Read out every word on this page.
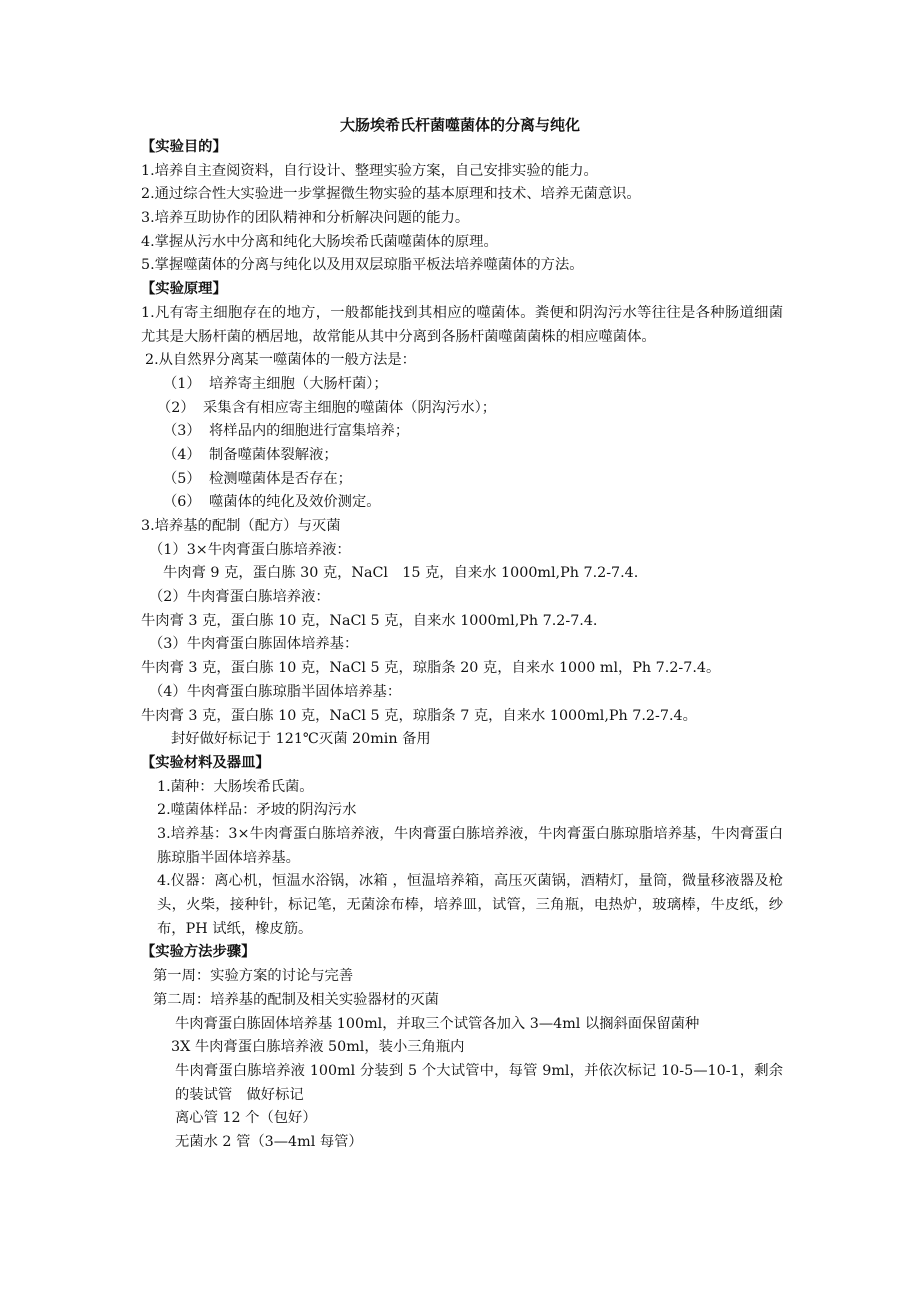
大肠埃希氏杆菌噬菌体的分离与纯化
【实验目的】
1.培养自主查阅资料，自行设计、整理实验方案，自己安排实验的能力。
2.通过综合性大实验进一步掌握微生物实验的基本原理和技术、培养无菌意识。
3.培养互助协作的团队精神和分析解决问题的能力。
4.掌握从污水中分离和纯化大肠埃希氏菌噬菌体的原理。
5.掌握噬菌体的分离与纯化以及用双层琼脂平板法培养噬菌体的方法。
【实验原理】
1.凡有寄主细胞存在的地方，一般都能找到其相应的噬菌体。粪便和阴沟污水等往往是各种肠道细菌尤其是大肠杆菌的栖居地，故常能从其中分离到各肠杆菌噬菌菌株的相应噬菌体。
2.从自然界分离某一噬菌体的一般方法是：
（1） 培养寄主细胞（大肠杆菌）；
（2） 采集含有相应寄主细胞的噬菌体（阴沟污水）；
（3） 将样品内的细胞进行富集培养；
（4） 制备噬菌体裂解液；
（5） 检测噬菌体是否存在；
（6） 噬菌体的纯化及效价测定。
3.培养基的配制（配方）与灭菌
（1）3×牛肉膏蛋白胨培养液：
牛肉膏 9 克，蛋白胨 30 克，NaCl　15 克，自来水 1000ml,Ph 7.2-7.4.
（2）牛肉膏蛋白胨培养液：
牛肉膏 3 克，蛋白胨 10 克，NaCl 5 克，自来水 1000ml,Ph 7.2-7.4.
（3）牛肉膏蛋白胨固体培养基：
牛肉膏 3 克，蛋白胨 10 克，NaCl 5 克，琼脂条 20 克，自来水 1000 ml，Ph 7.2-7.4。
（4）牛肉膏蛋白胨琼脂半固体培养基：
牛肉膏 3 克，蛋白胨 10 克，NaCl 5 克，琼脂条 7 克，自来水 1000ml,Ph 7.2-7.4。
封好做好标记于 121℃灭菌 20min 备用
【实验材料及器皿】
1.菌种：大肠埃希氏菌。
2.噬菌体样品：矛坡的阴沟污水
3.培养基：3×牛肉膏蛋白胨培养液，牛肉膏蛋白胨培养液，牛肉膏蛋白胨琼脂培养基，牛肉膏蛋白胨琼脂半固体培养基。
4.仪器：离心机，恒温水浴锅，冰箱 ，恒温培养箱，高压灭菌锅，酒精灯，量筒，微量移液器及枪头，火柴，接种针，标记笔，无菌涂布棒，培养皿，试管，三角瓶，电热炉，玻璃棒，牛皮纸，纱布，PH 试纸，橡皮筋。
【实验方法步骤】
第一周：实验方案的讨论与完善
第二周：培养基的配制及相关实验器材的灭菌
牛肉膏蛋白胨固体培养基 100ml，并取三个试管各加入 3—4ml 以搁斜面保留菌种
3X 牛肉膏蛋白胨培养液 50ml，装小三角瓶内
牛肉膏蛋白胨培养液 100ml 分装到 5 个大试管中，每管 9ml，并依次标记 10-5—10-1，剩余的装试管　做好标记
离心管 12 个（包好）
无菌水 2 管（3—4ml 每管）
